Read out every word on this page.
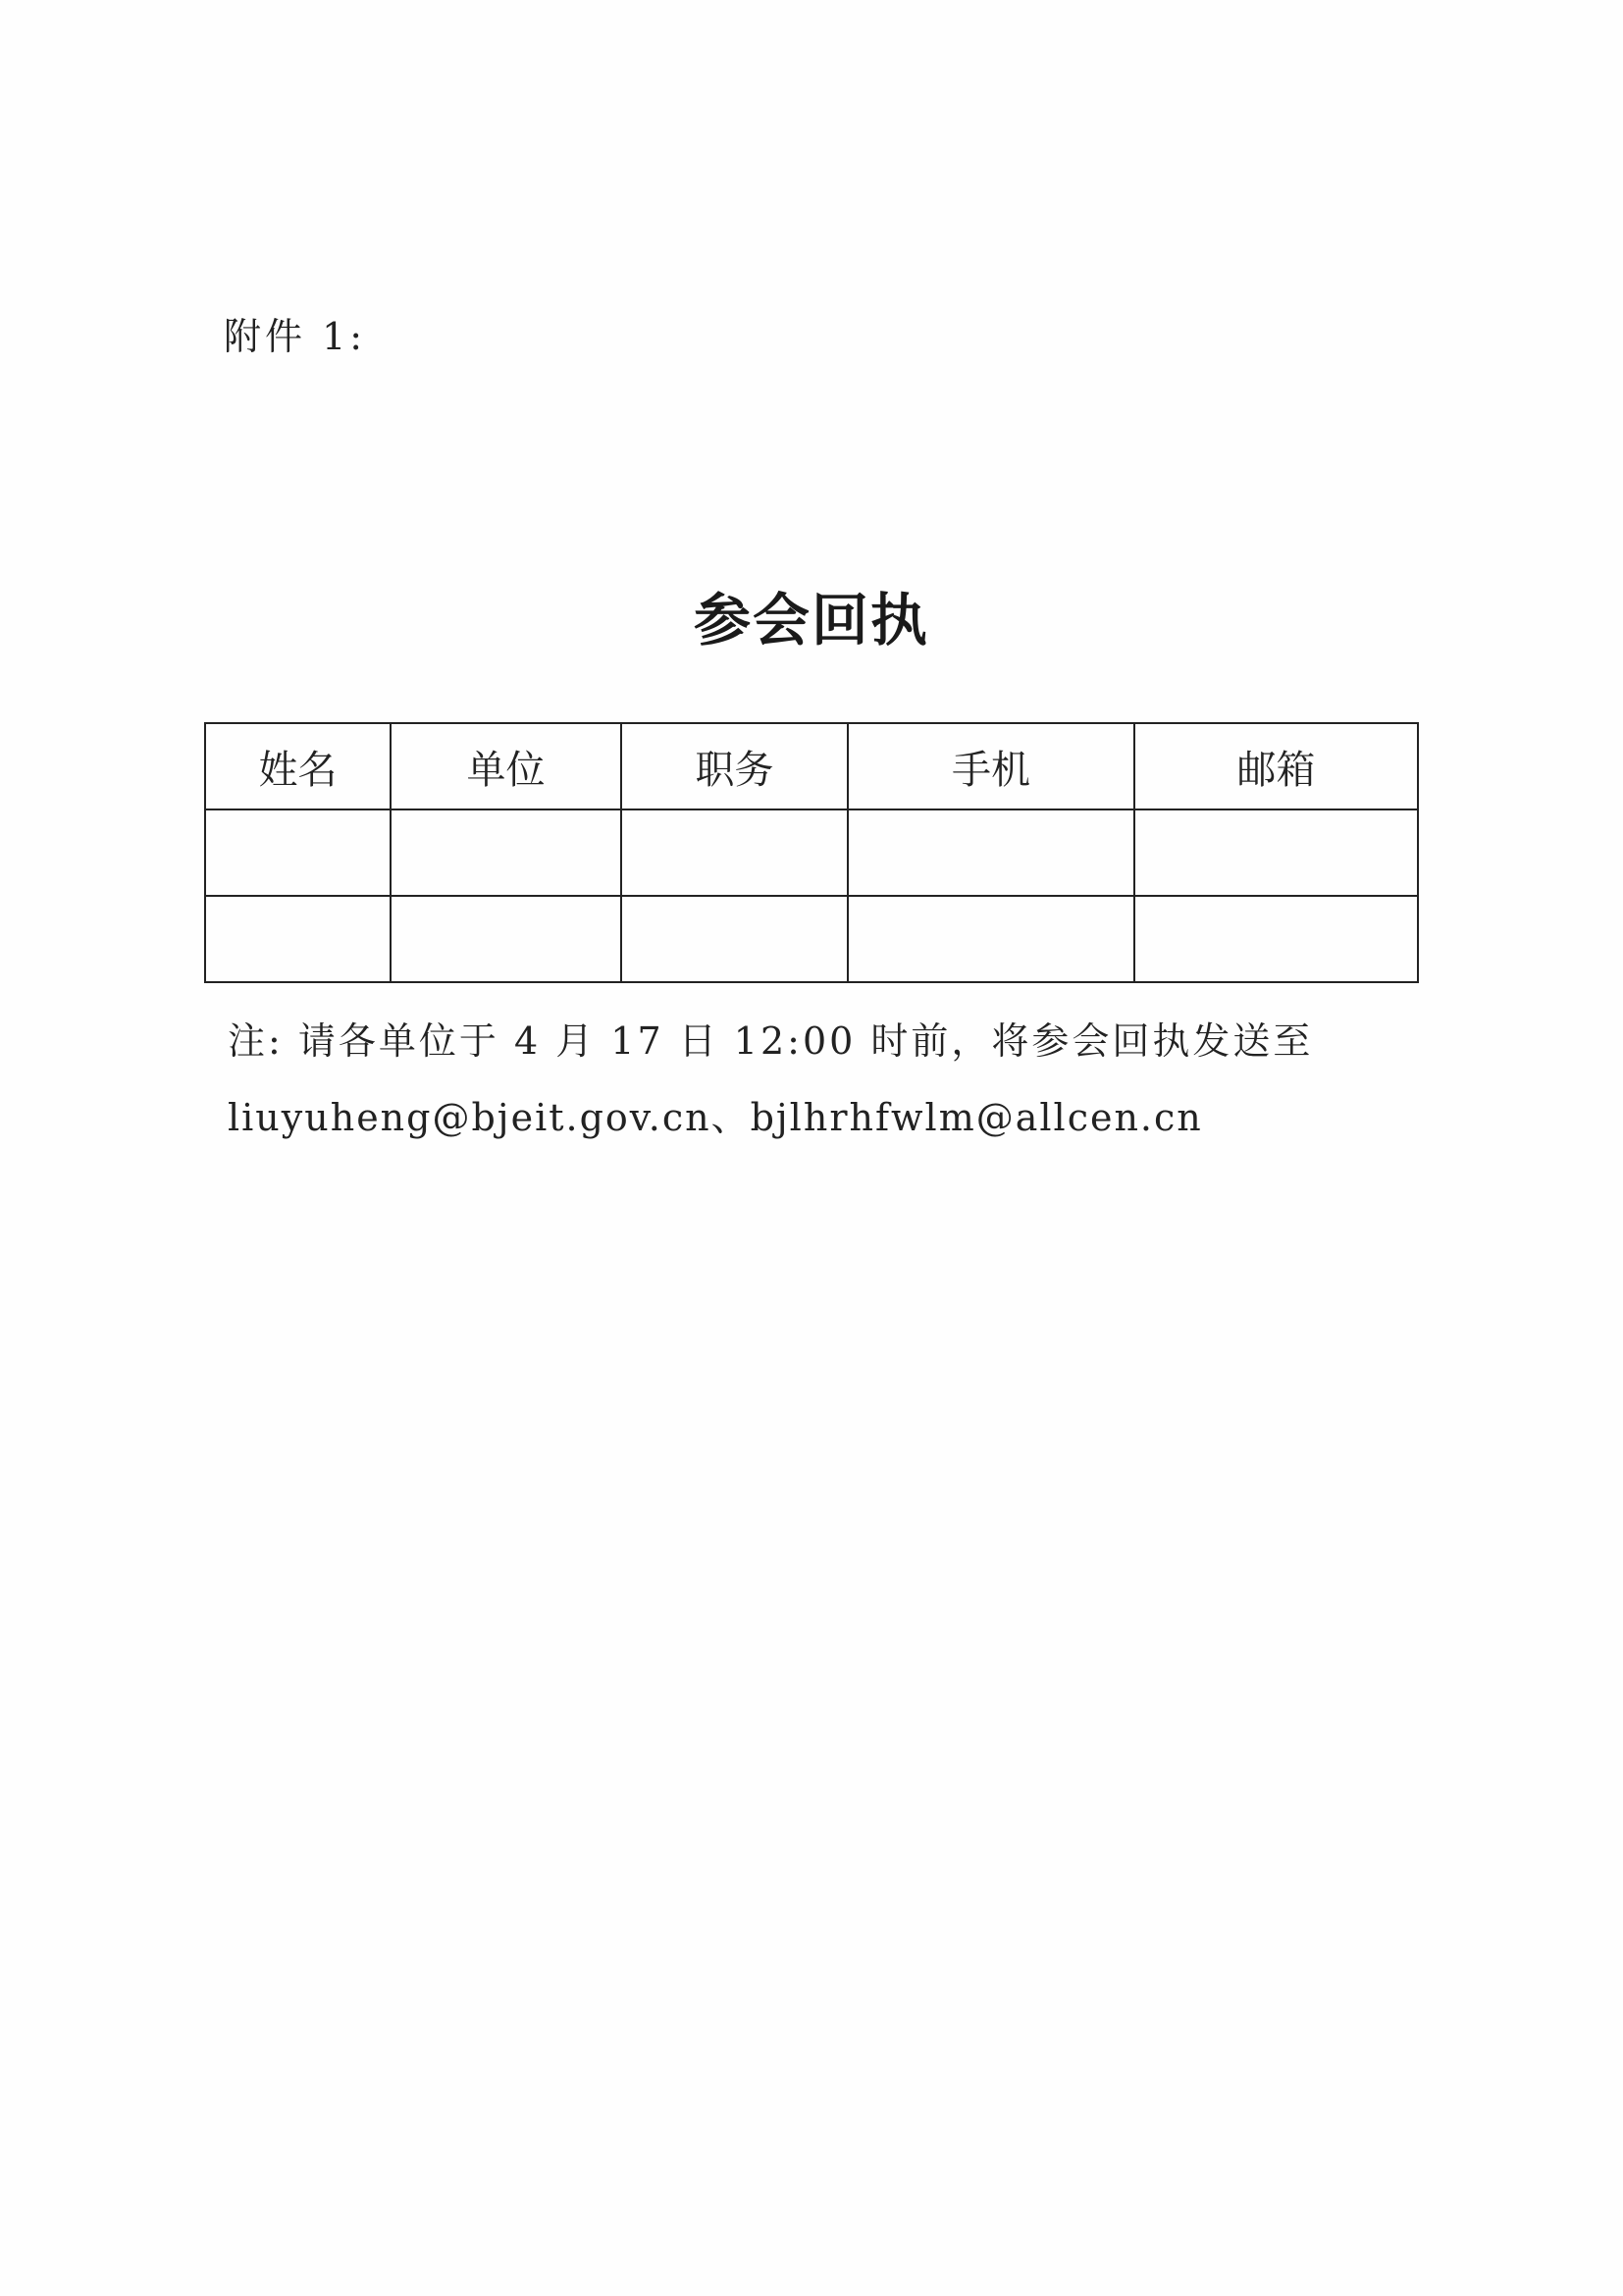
附件 1:
参会回执
姓名	单位	职务	手机	邮箱

注: 请各单位于 4 月 17 日 12:00 时前，将参会回执发送至
liuyuheng@bjeit.gov.cn、bjlhrhfwlm@allcen.cn
